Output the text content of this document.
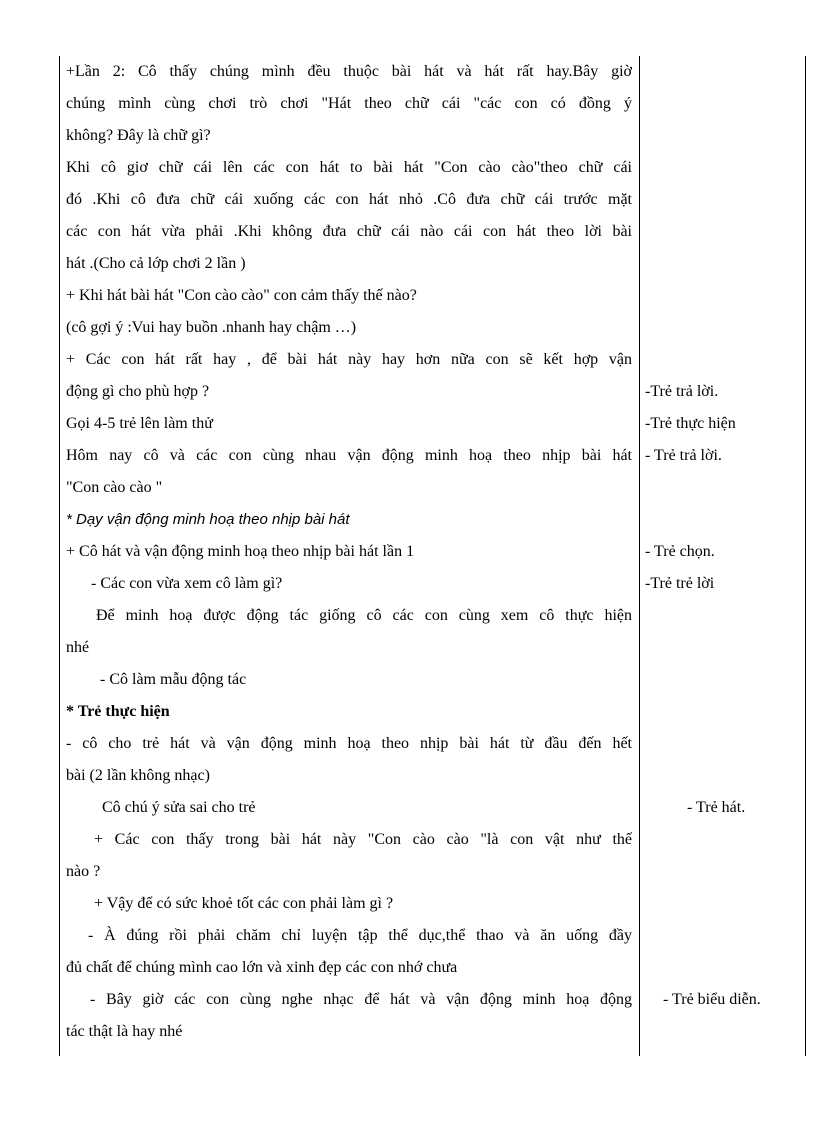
+Lần 2: Cô thấy chúng mình đều thuộc bài hát và hát rất hay.Bây giờ
chúng mình cùng chơi trò chơi "Hát theo chữ cái "các con có đồng ý
không? Đây là chữ gì?
Khi cô giơ chữ cái lên các con hát to bài hát "Con cào cào"theo chữ cái
đó .Khi cô đưa chữ cái xuống các con hát nhỏ .Cô đưa chữ cái trước mặt
các con hát vừa phải .Khi không đưa chữ cái nào cái con hát theo lời bài
hát .(Cho cả lớp chơi 2 lần )
+ Khi hát bài hát "Con cào cào" con cảm thấy thế nào?
(cô gợi ý :Vui hay buồn .nhanh hay chậm …)
+ Các con hát rất hay , để bài hát này hay hơn nữa con sẽ kết hợp vận
động gì cho phù hợp ?
Gọi 4-5 trẻ lên làm thử
Hôm nay cô và các con cùng nhau vận động minh hoạ theo nhịp bài hát
"Con cào cào "
* Dạy vận động minh hoạ theo nhịp bài hát
+ Cô hát và vận động minh hoạ theo nhịp bài hát lần 1
- Các con vừa xem cô làm gì?
Để minh hoạ được động tác giống cô các con cùng xem cô thực hiện
nhé
- Cô làm mẫu động tác
* Trẻ thực hiện
- cô cho trẻ hát và vận động minh hoạ theo nhịp bài hát từ đầu đến hết
bài (2 lần không nhạc)
Cô chú ý sửa sai cho trẻ
+ Các con thấy trong bài hát này "Con cào cào "là con vật như thế
nào ?
+ Vậy để có sức khoẻ tốt các con phải làm gì ?
- À đúng rồi phải chăm chỉ luyện tập thể dục,thể thao và ăn uống đầy
đủ chất để chúng mình cao lớn và xinh đẹp các con nhớ chưa
- Bây giờ các con cùng nghe nhạc để hát và vận động minh hoạ động
tác thật là hay nhé
-Trẻ trả lời.
-Trẻ thực hiện
- Trẻ trả lời.
- Trẻ chọn.
-Trẻ trẻ lời
- Trẻ hát.
- Trẻ biểu diễn.
